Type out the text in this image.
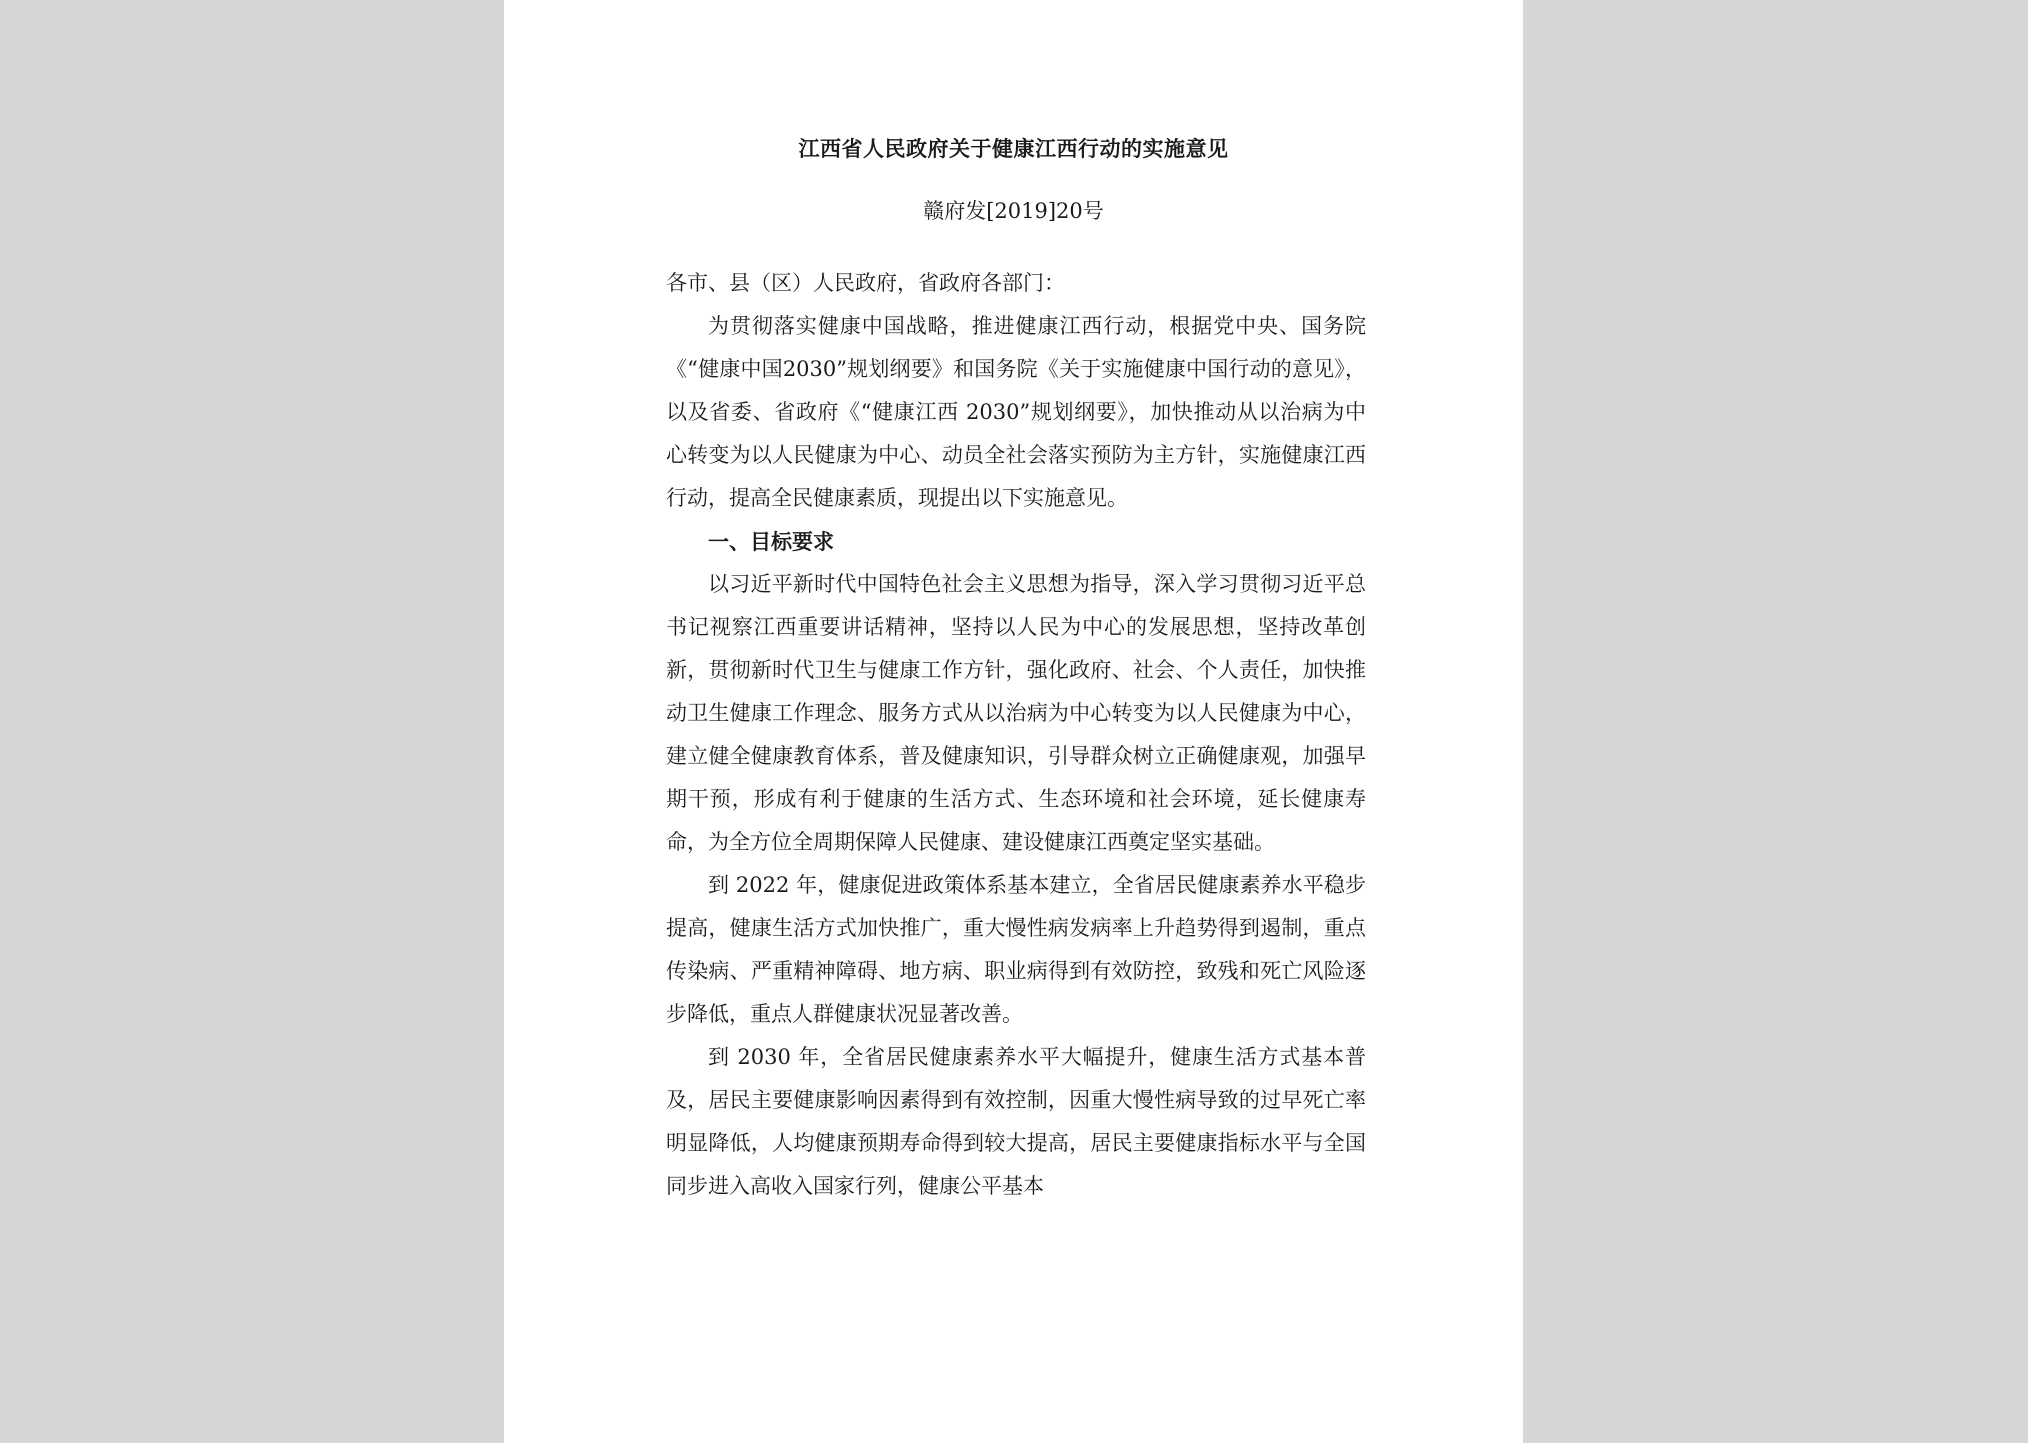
江西省人民政府关于健康江西行动的实施意见
赣府发[2019]20号

各市、县（区）人民政府，省政府各部门：

为贯彻落实健康中国战略，推进健康江西行动，根据党中央、国务院《“健康中国2030”规划纲要》和国务院《关于实施健康中国行动的意见》，以及省委、省政府《“健康江西 2030”规划纲要》，加快推动从以治病为中心转变为以人民健康为中心、动员全社会落实预防为主方针，实施健康江西行动，提高全民健康素质，现提出以下实施意见。

一、目标要求

以习近平新时代中国特色社会主义思想为指导，深入学习贯彻习近平总书记视察江西重要讲话精神，坚持以人民为中心的发展思想，坚持改革创新，贯彻新时代卫生与健康工作方针，强化政府、社会、个人责任，加快推动卫生健康工作理念、服务方式从以治病为中心转变为以人民健康为中心，建立健全健康教育体系，普及健康知识，引导群众树立正确健康观，加强早期干预，形成有利于健康的生活方式、生态环境和社会环境，延长健康寿命，为全方位全周期保障人民健康、建设健康江西奠定坚实基础。

到 2022 年，健康促进政策体系基本建立，全省居民健康素养水平稳步提高，健康生活方式加快推广，重大慢性病发病率上升趋势得到遏制，重点传染病、严重精神障碍、地方病、职业病得到有效防控，致残和死亡风险逐步降低，重点人群健康状况显著改善。

到 2030 年，全省居民健康素养水平大幅提升，健康生活方式基本普及，居民主要健康影响因素得到有效控制，因重大慢性病导致的过早死亡率明显降低，人均健康预期寿命得到较大提高，居民主要健康指标水平与全国同步进入高收入国家行列，健康公平基本
